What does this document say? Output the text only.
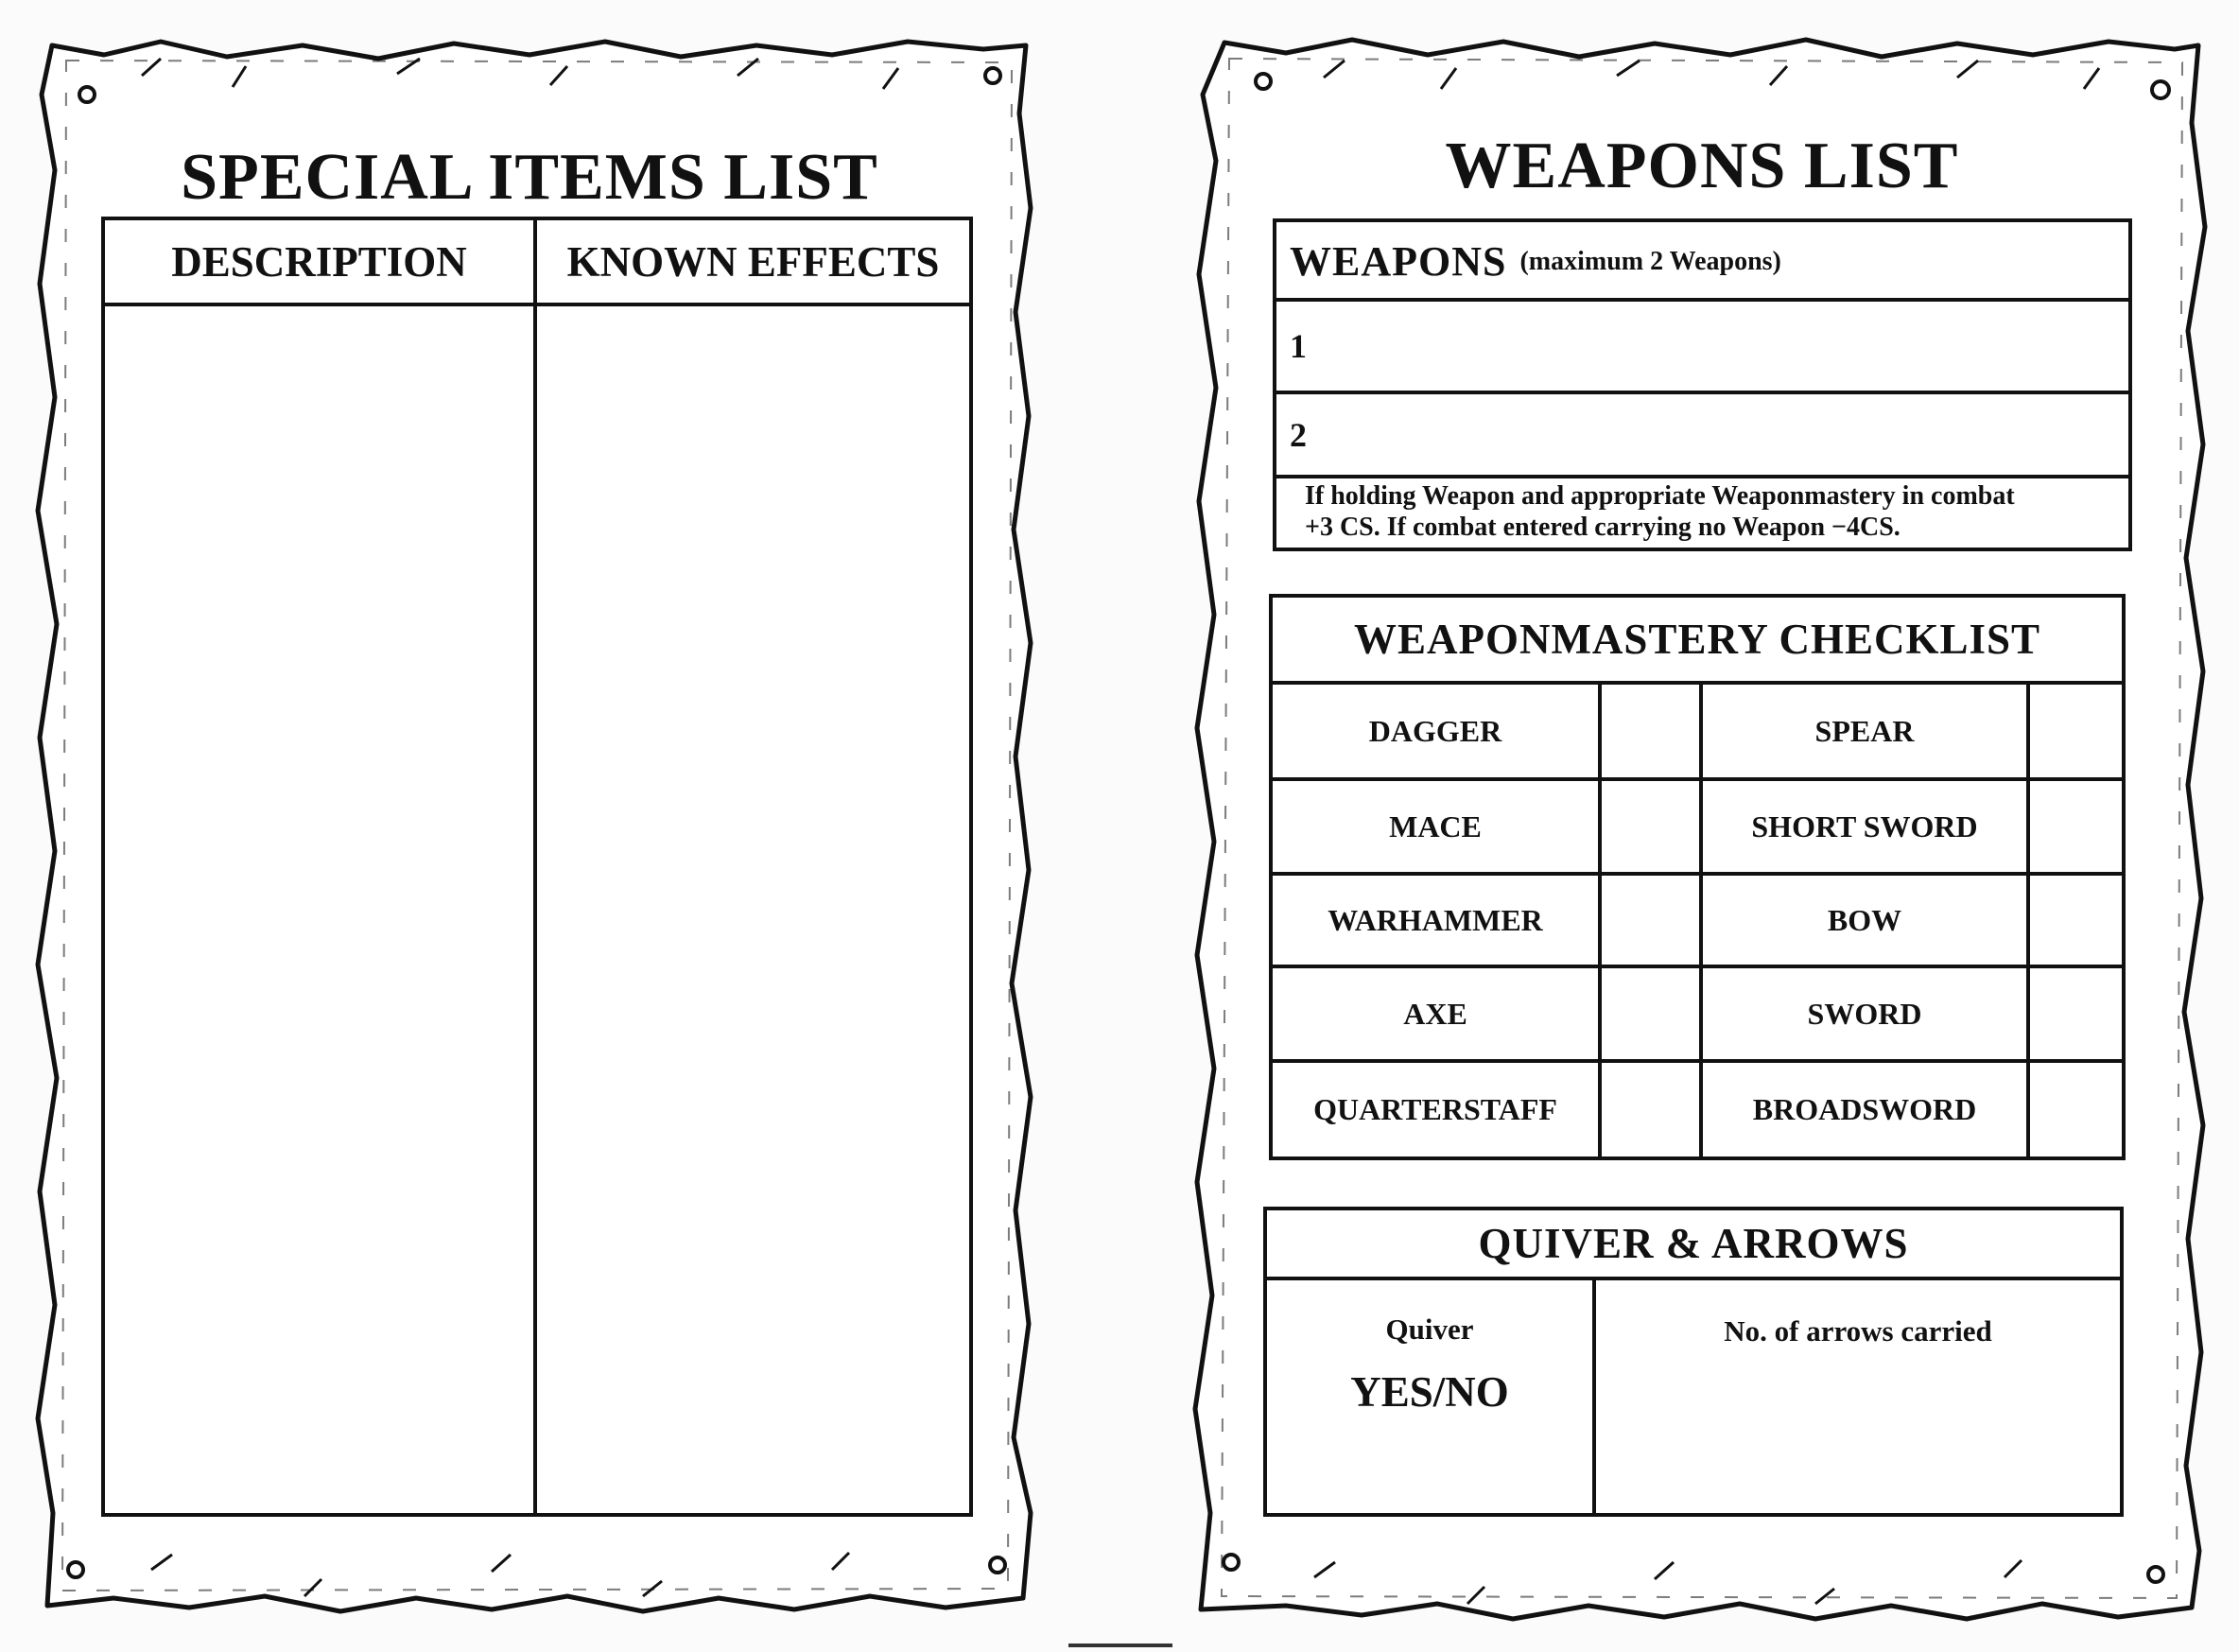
SPECIAL ITEMS LIST
DESCRIPTION	KNOWN EFFECTS
WEAPONS LIST
WEAPONS (maximum 2 Weapons)
1
2
If holding Weapon and appropriate Weaponmastery in combat
+3 CS. If combat entered carrying no Weapon −4CS.
WEAPONMASTERY CHECKLIST
DAGGER
MACE
WARHAMMER
AXE
QUARTERSTAFF
SPEAR
SHORT SWORD
BOW
SWORD
BROADSWORD
QUIVER & ARROWS
Quiver
YES/NO
No. of arrows carried
